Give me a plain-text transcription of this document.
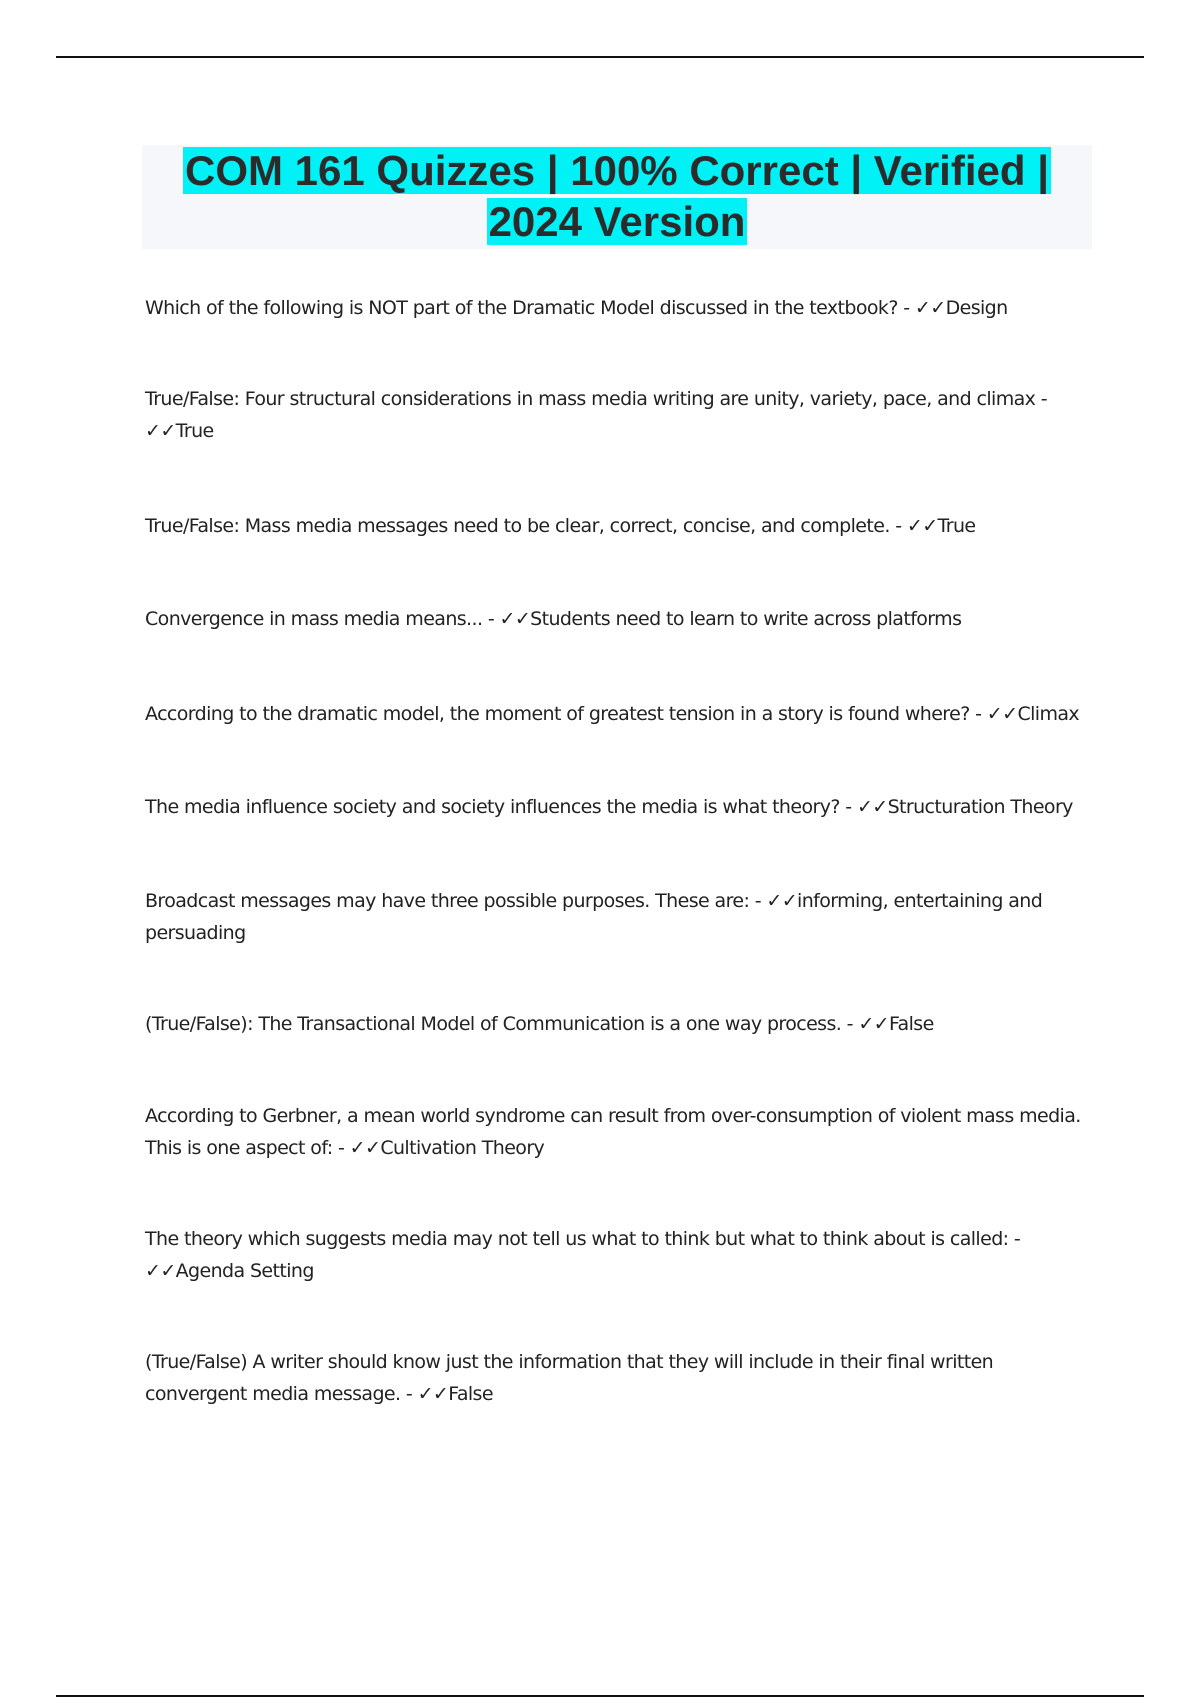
COM 161 Quizzes | 100% Correct | Verified |
2024 Version
Which of the following is NOT part of the Dramatic Model discussed in the textbook? - ✓✓Design
True/False: Four structural considerations in mass media writing are unity, variety, pace, and climax - ✓✓True
True/False: Mass media messages need to be clear, correct, concise, and complete. - ✓✓True
Convergence in mass media means... - ✓✓Students need to learn to write across platforms
According to the dramatic model, the moment of greatest tension in a story is found where? - ✓✓Climax
The media influence society and society influences the media is what theory? - ✓✓Structuration Theory
Broadcast messages may have three possible purposes. These are: - ✓✓informing, entertaining and persuading
(True/False): The Transactional Model of Communication is a one way process. - ✓✓False
According to Gerbner, a mean world syndrome can result from over-consumption of violent mass media. This is one aspect of: - ✓✓Cultivation Theory
The theory which suggests media may not tell us what to think but what to think about is called: - ✓✓Agenda Setting
(True/False) A writer should know just the information that they will include in their final written convergent media message. - ✓✓False
